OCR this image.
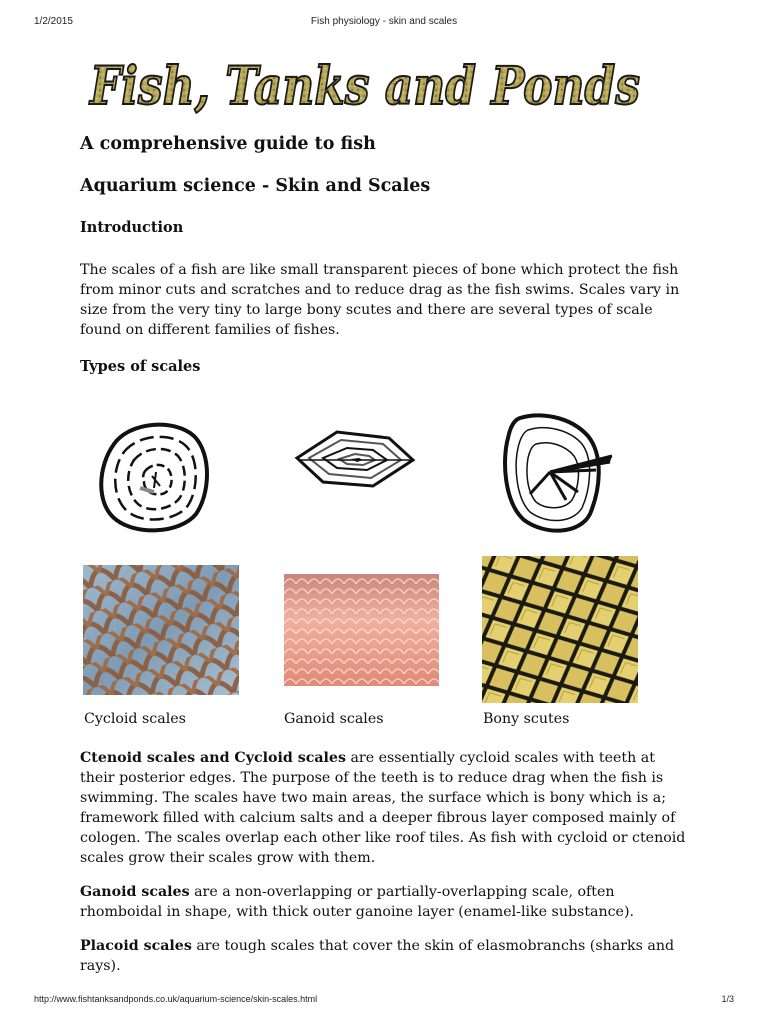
1/2/2015	Fish physiology - skin and scales
Fish, Tanks and Ponds
A comprehensive guide to fish
Aquarium science - Skin and Scales
Introduction

The scales of a fish are like small transparent pieces of bone which protect the fish from minor cuts and scratches and to reduce drag as the fish swims. Scales vary in size from the very tiny to large bony scutes and there are several types of scale found on different families of fishes.

Types of scales
Cycloid scales	Ganoid scales	Bony scutes

Ctenoid scales and Cycloid scales are essentially cycloid scales with teeth at their posterior edges. The purpose of the teeth is to reduce drag when the fish is swimming. The scales have two main areas, the surface which is bony which is a; framework filled with calcium salts and a deeper fibrous layer composed mainly of cologen. The scales overlap each other like roof tiles. As fish with cycloid or ctenoid scales grow their scales grow with them.

Ganoid scales are a non-overlapping or partially-overlapping scale, often rhomboidal in shape, with thick outer ganoine layer (enamel-like substance).

Placoid scales are tough scales that cover the skin of elasmobranchs (sharks and rays).

http://www.fishtanksandponds.co.uk/aquarium-science/skin-scales.html	1/3
